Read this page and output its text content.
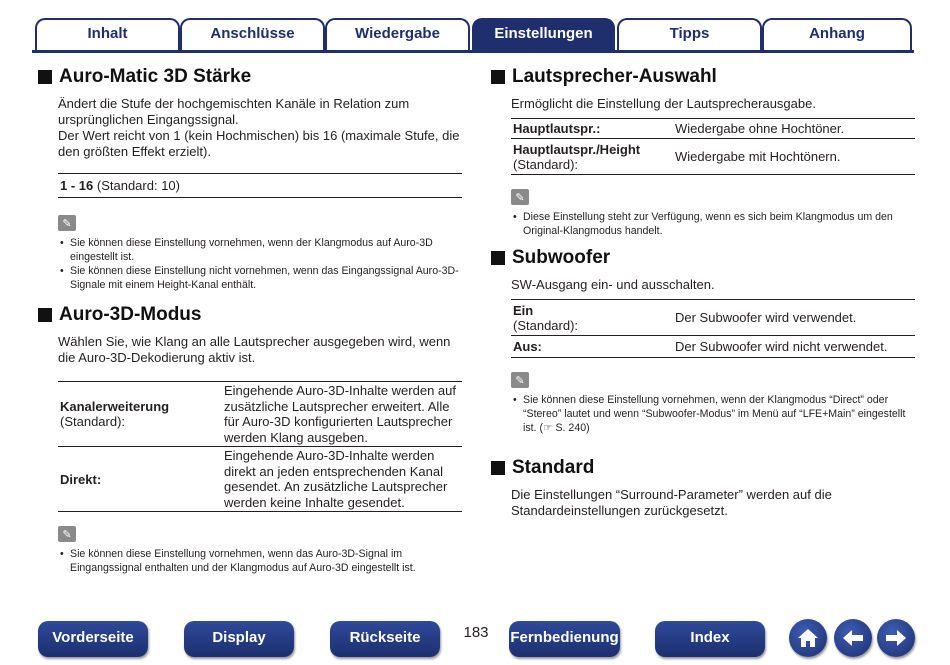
Inhalt	Anschlüsse	Wiedergabe	Einstellungen	Tipps	Anhang
Auro-Matic 3D Stärke

Ändert die Stufe der hochgemischten Kanäle in Relation zum ursprünglichen Eingangssignal.

Der Wert reicht von 1 (kein Hochmischen) bis 16 (maximale Stufe, die den größten Effekt erzielt).

1 - 16 (Standard: 10)
✎
• Sie können diese Einstellung vornehmen, wenn der Klangmodus auf Auro-3D eingestellt ist.
• Sie können diese Einstellung nicht vornehmen, wenn das Eingangssignal Auro-3D-Signale mit einem Height-Kanal enthält.
Auro-3D-Modus

Wählen Sie, wie Klang an alle Lautsprecher ausgegeben wird, wenn die Auro-3D-Dekodierung aktiv ist.

Kanalerweiterung
(Standard):	Eingehende Auro-3D-Inhalte werden auf zusätzliche Lautsprecher erweitert. Alle für Auro-3D konfigurierten Lautsprecher werden Klang ausgeben.
Direkt:	Eingehende Auro-3D-Inhalte werden direkt an jeden entsprechenden Kanal gesendet. An zusätzliche Lautsprecher werden keine Inhalte gesendet.
✎
• Sie können diese Einstellung vornehmen, wenn das Auro-3D-Signal im Eingangssignal enthalten und der Klangmodus auf Auro-3D eingestellt ist.
Lautsprecher-Auswahl

Ermöglicht die Einstellung der Lautsprecherausgabe.

Hauptlautspr.:	Wiedergabe ohne Hochtöner.
Hauptlautspr./Height
(Standard):	Wiedergabe mit Hochtönern.
✎
• Diese Einstellung steht zur Verfügung, wenn es sich beim Klangmodus um den Original-Klangmodus handelt.
Subwoofer

SW-Ausgang ein- und ausschalten.

Ein
(Standard):	Der Subwoofer wird verwendet.
Aus:	Der Subwoofer wird nicht verwendet.
✎
• Sie können diese Einstellung vornehmen, wenn der Klangmodus “Direct” oder “Stereo” lautet und wenn “Subwoofer-Modus” im Menü auf “LFE+Main” eingestellt ist. (☞ S. 240)
Standard

Die Einstellungen “Surround-Parameter” werden auf die Standardeinstellungen zurückgesetzt.

Vorderseite	Display	Rückseite	183	Fernbedienung	Index
